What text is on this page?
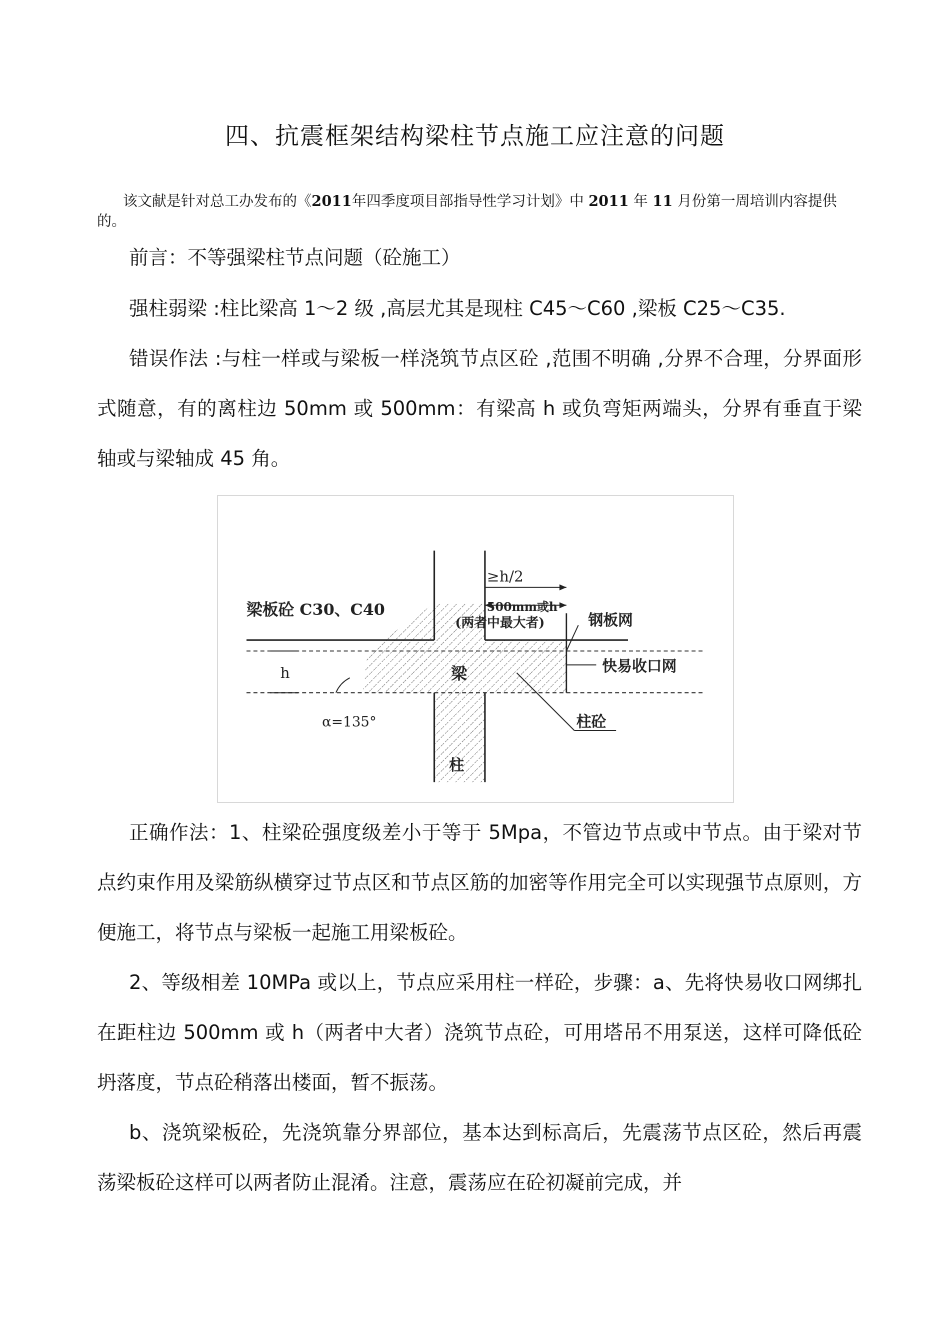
四、抗震框架结构梁柱节点施工应注意的问题
该文献是针对总工办发布的《2011年四季度项目部指导性学习计划》中 2011 年 11 月份第一周培训内容提供的。
前言：不等强梁柱节点问题（砼施工）
强柱弱梁 :柱比梁高 1～2 级 ,高层尤其是现柱 C45～C60 ,梁板 C25～C35.
错误作法 :与柱一样或与梁板一样浇筑节点区砼 ,范围不明确 ,分界不合理，分界面形式随意，有的离柱边 50mm 或 500mm：有梁高 h 或负弯矩两端头，分界有垂直于梁轴或与梁轴成 45 角。
梁板砼 C30、C40
≥h/2
500mm或h
(两者中最大者)	钢板网
快易收口网
h	梁
α=135°	柱砼
柱
正确作法：1、柱梁砼强度级差小于等于 5Mpa，不管边节点或中节点。由于梁对节点约束作用及梁筋纵横穿过节点区和节点区筋的加密等作用完全可以实现强节点原则，方便施工，将节点与梁板一起施工用梁板砼。
2、等级相差 10MPa 或以上，节点应采用柱一样砼，步骤：a、先将快易收口网绑扎在距柱边 500mm 或 h（两者中大者）浇筑节点砼，可用塔吊不用泵送，这样可降低砼坍落度，节点砼稍落出楼面，暂不振荡。
b、浇筑梁板砼，先浇筑靠分界部位，基本达到标高后，先震荡节点区砼，然后再震荡梁板砼这样可以两者防止混淆。注意，震荡应在砼初凝前完成，并
